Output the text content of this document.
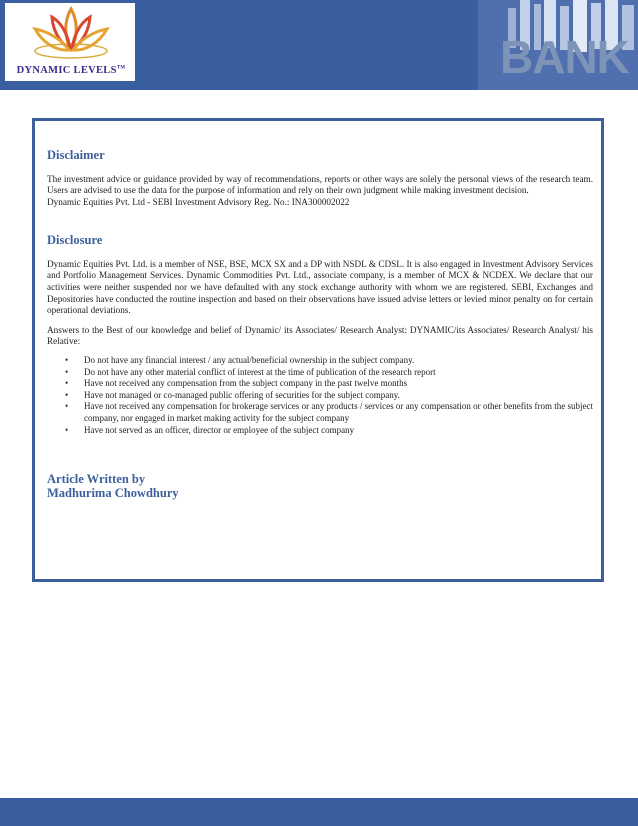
DYNAMIC LEVELS™	BANK
Disclaimer

The investment advice or guidance provided by way of recommendations, reports or other ways are solely the personal views of the research team. Users are advised to use the data for the purpose of information and rely on their own judgment while making investment decision.

Dynamic Equities Pvt. Ltd - SEBI Investment Advisory Reg. No.: INA300002022

Disclosure

Dynamic Equities Pvt. Ltd. is a member of NSE, BSE, MCX SX and a DP with NSDL & CDSL. It is also engaged in Investment Advisory Services and Portfolio Management Services. Dynamic Commodities Pvt. Ltd., associate company, is a member of MCX & NCDEX. We declare that our activities were neither suspended nor we have defaulted with any stock exchange authority with whom we are registered. SEBI, Exchanges and Depositories have conducted the routine inspection and based on their observations have issued advise letters or levied minor penalty on for certain operational deviations.

Answers to the Best of our knowledge and belief of Dynamic/ its Associates/ Research Analyst: DYNAMIC/its Associates/ Research Analyst/ his Relative:

• Do not have any financial interest / any actual/beneficial ownership in the subject company.
• Do not have any other material conflict of interest at the time of publication of the research report
• Have not received any compensation from the subject company in the past twelve months
• Have not managed or co-managed public offering of securities for the subject company.
• Have not received any compensation for brokerage services or any products / services or any compensation or other benefits from the subject company, nor engaged in market making activity for the subject company
• Have not served as an officer, director or employee of the subject company

Article Written by

Madhurima Chowdhury
